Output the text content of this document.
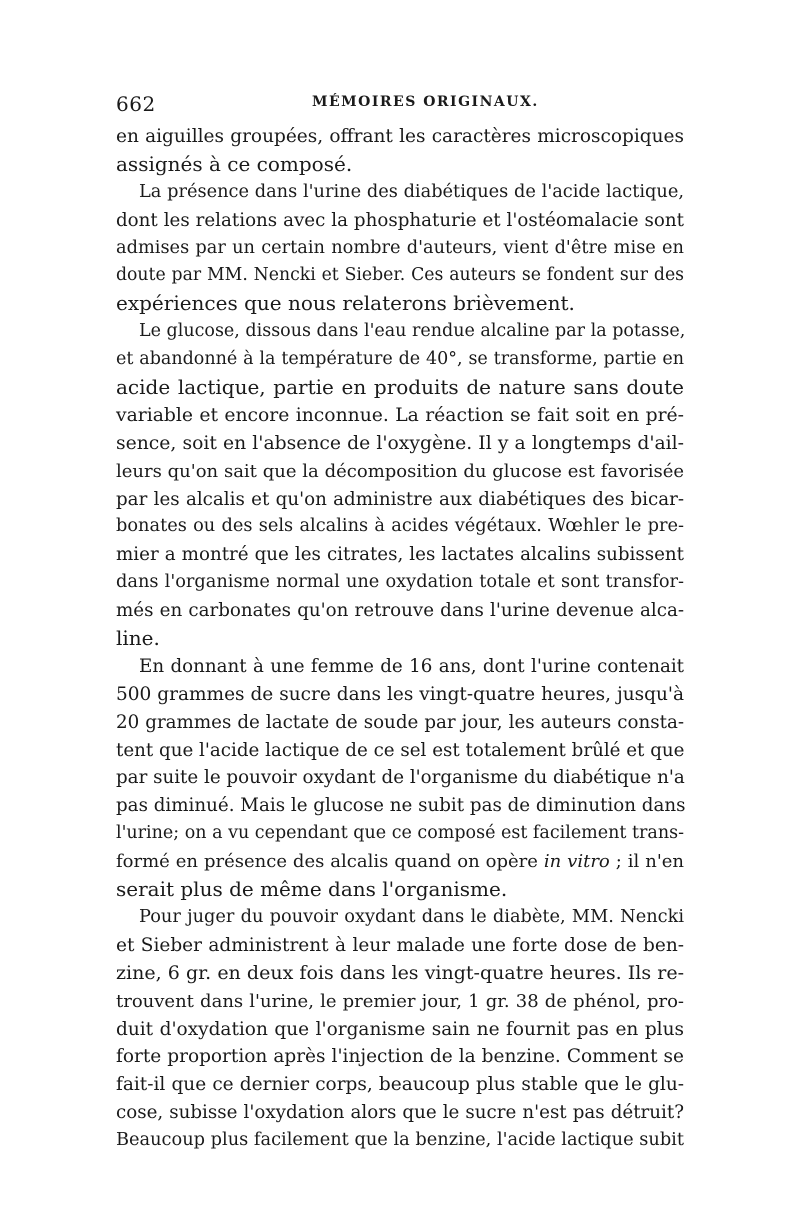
662	MÉMOIRES ORIGINAUX.
en aiguilles groupées, offrant les caractères microscopiques
assignés à ce composé.
La présence dans l'urine des diabétiques de l'acide lactique,
dont les relations avec la phosphaturie et l'ostéomalacie sont
admises par un certain nombre d'auteurs, vient d'être mise en
doute par MM. Nencki et Sieber. Ces auteurs se fondent sur des
expériences que nous relaterons brièvement.
Le glucose, dissous dans l'eau rendue alcaline par la potasse,
et abandonné à la température de 40°, se transforme, partie en
acide lactique, partie en produits de nature sans doute
variable et encore inconnue. La réaction se fait soit en pré-
sence, soit en l'absence de l'oxygène. Il y a longtemps d'ail-
leurs qu'on sait que la décomposition du glucose est favorisée
par les alcalis et qu'on administre aux diabétiques des bicar-
bonates ou des sels alcalins à acides végétaux. Wœhler le pre-
mier a montré que les citrates, les lactates alcalins subissent
dans l'organisme normal une oxydation totale et sont transfor-
més en carbonates qu'on retrouve dans l'urine devenue alca-
line.
En donnant à une femme de 16 ans, dont l'urine contenait
500 grammes de sucre dans les vingt-quatre heures, jusqu'à
20 grammes de lactate de soude par jour, les auteurs consta-
tent que l'acide lactique de ce sel est totalement brûlé et que
par suite le pouvoir oxydant de l'organisme du diabétique n'a
pas diminué. Mais le glucose ne subit pas de diminution dans
l'urine; on a vu cependant que ce composé est facilement trans-
formé en présence des alcalis quand on opère in vitro ; il n'en
serait plus de même dans l'organisme.
Pour juger du pouvoir oxydant dans le diabète, MM. Nencki
et Sieber administrent à leur malade une forte dose de ben-
zine, 6 gr. en deux fois dans les vingt-quatre heures. Ils re-
trouvent dans l'urine, le premier jour, 1 gr. 38 de phénol, pro-
duit d'oxydation que l'organisme sain ne fournit pas en plus
forte proportion après l'injection de la benzine. Comment se
fait-il que ce dernier corps, beaucoup plus stable que le glu-
cose, subisse l'oxydation alors que le sucre n'est pas détruit?
Beaucoup plus facilement que la benzine, l'acide lactique subit
